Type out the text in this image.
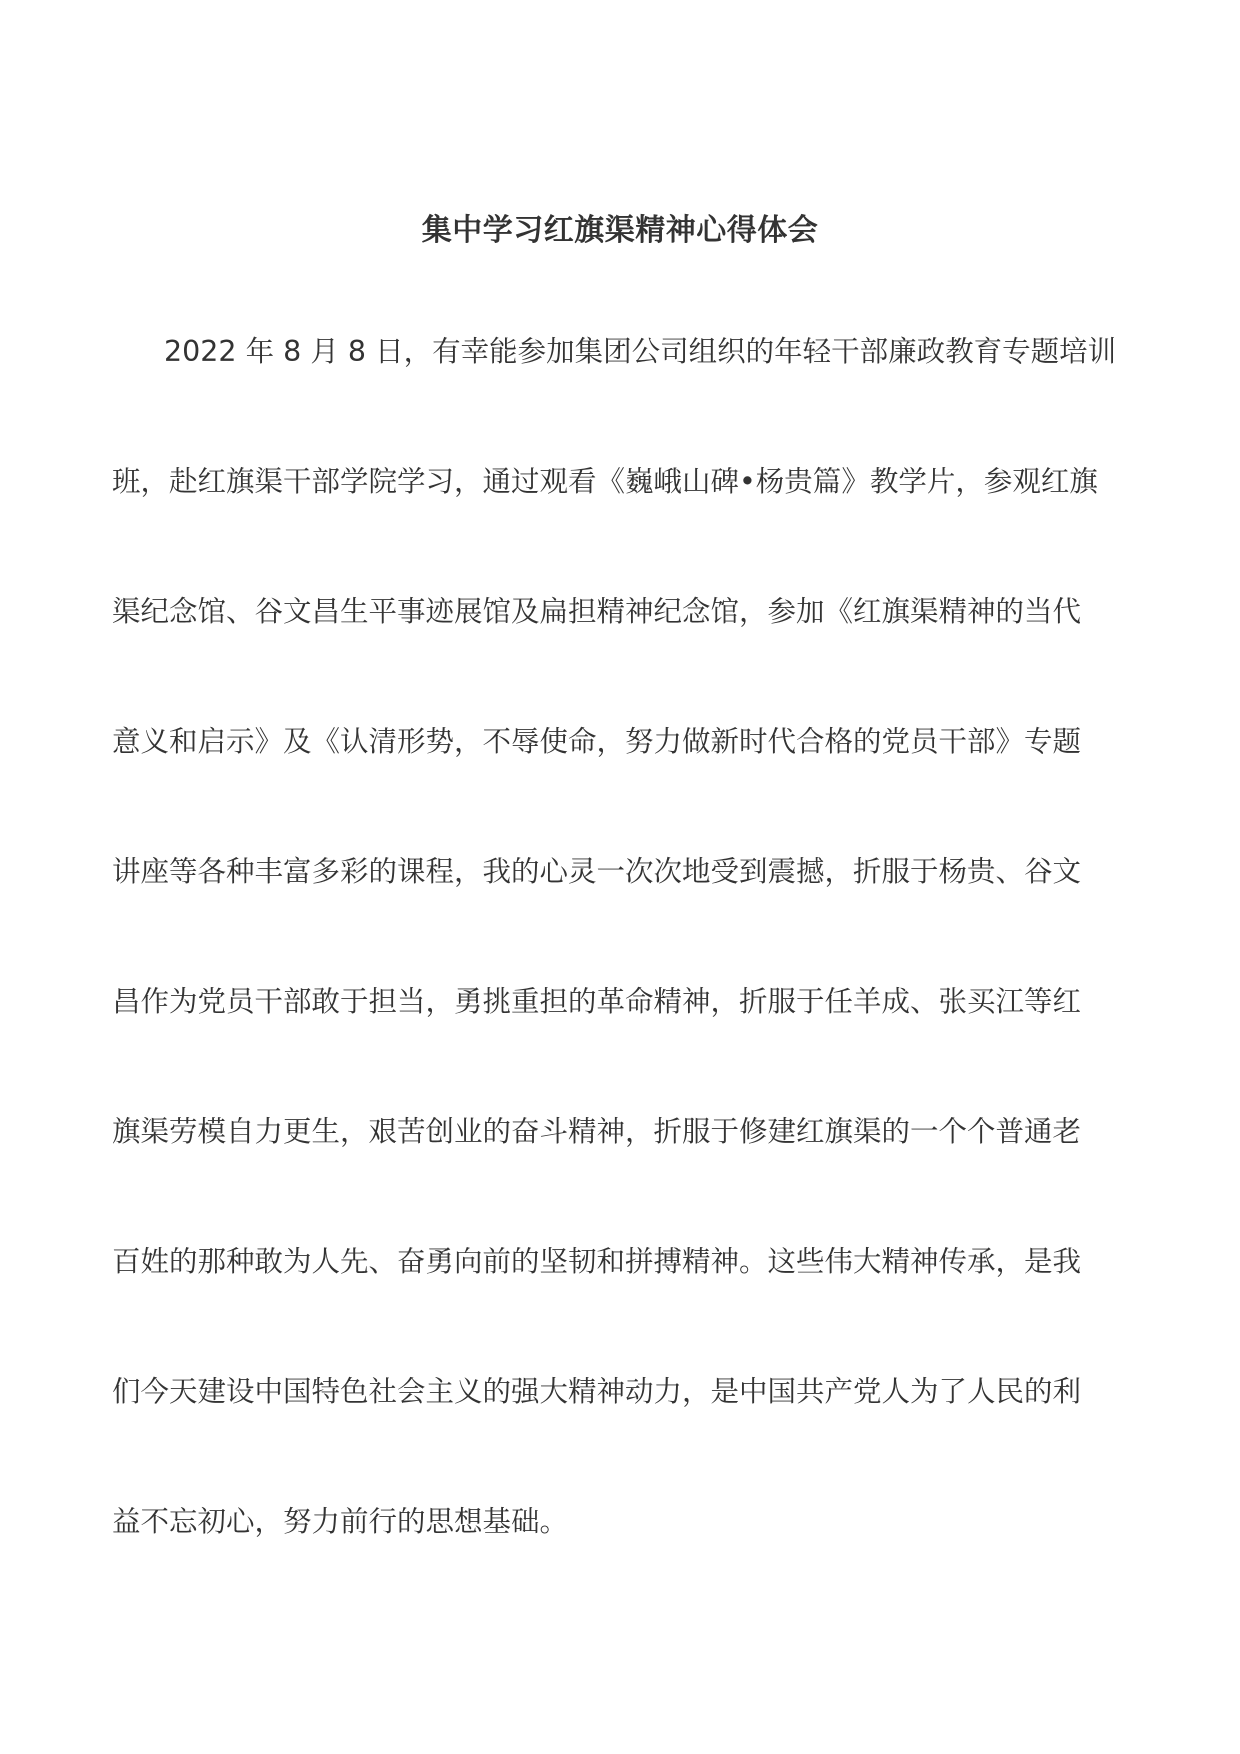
集中学习红旗渠精神心得体会
2022 年 8 月 8 日，有幸能参加集团公司组织的年轻干部廉政教育专题培训
班，赴红旗渠干部学院学习，通过观看《巍峨山碑•杨贵篇》教学片，参观红旗
渠纪念馆、谷文昌生平事迹展馆及扁担精神纪念馆，参加《红旗渠精神的当代
意义和启示》及《认清形势，不辱使命，努力做新时代合格的党员干部》专题
讲座等各种丰富多彩的课程，我的心灵一次次地受到震撼，折服于杨贵、谷文
昌作为党员干部敢于担当，勇挑重担的革命精神，折服于任羊成、张买江等红
旗渠劳模自力更生，艰苦创业的奋斗精神，折服于修建红旗渠的一个个普通老
百姓的那种敢为人先、奋勇向前的坚韧和拼搏精神。这些伟大精神传承，是我
们今天建设中国特色社会主义的强大精神动力，是中国共产党人为了人民的利
益不忘初心，努力前行的思想基础。
